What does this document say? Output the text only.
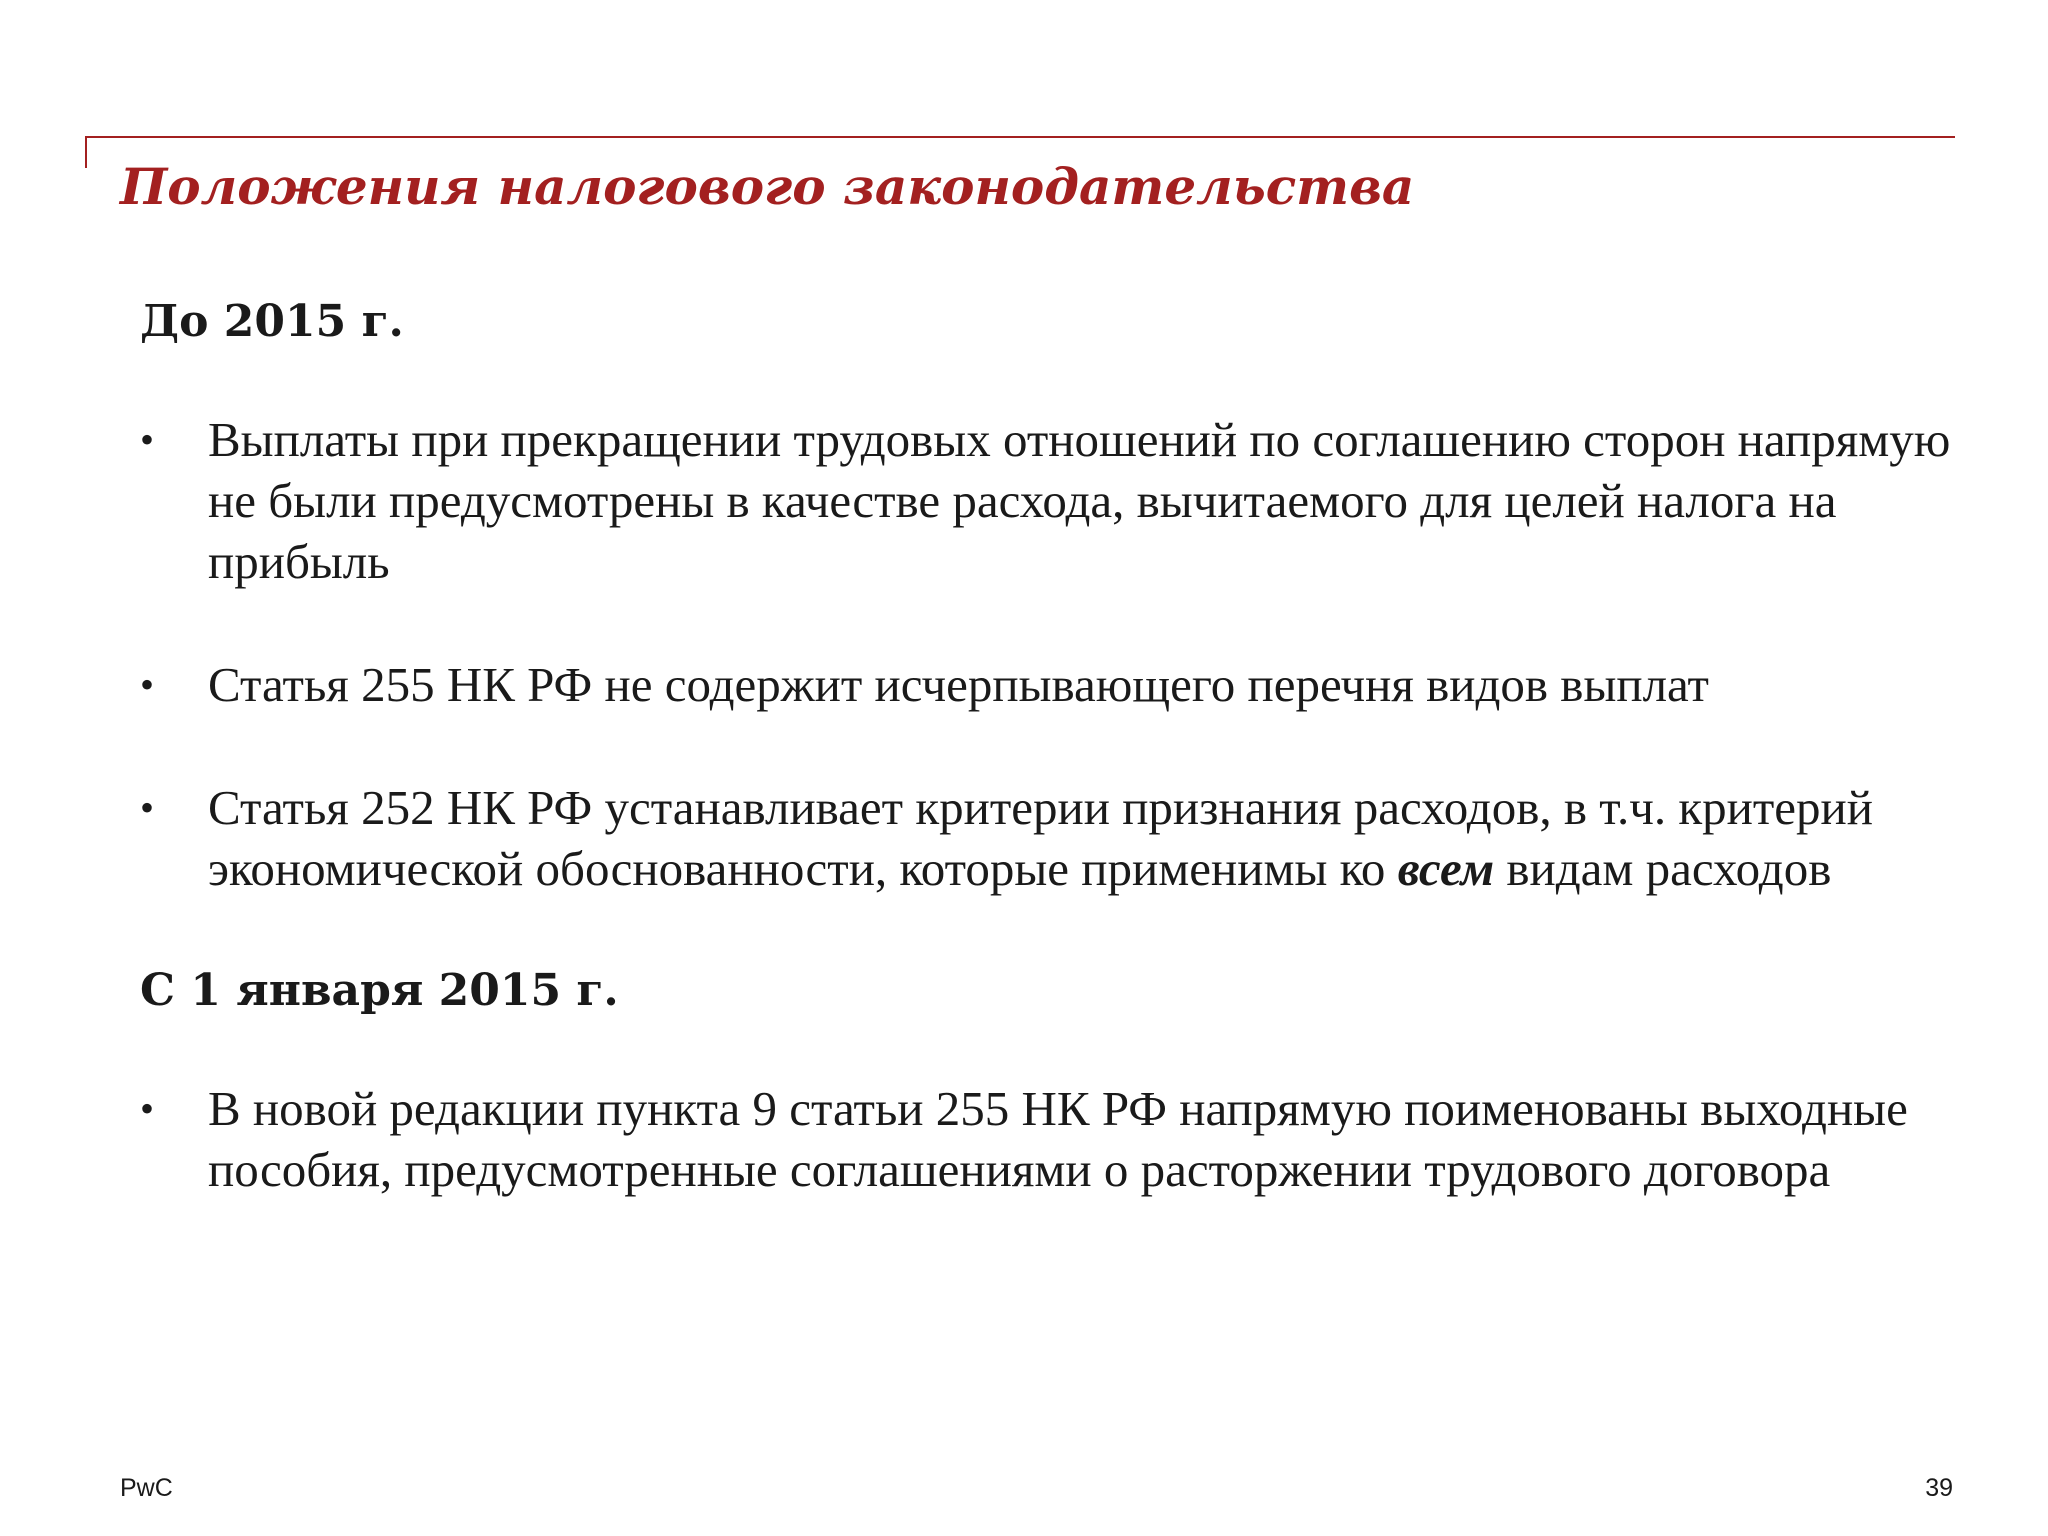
Положения налогового законодательства
До 2015 г.
• Выплаты при прекращении трудовых отношений по соглашению сторон напрямую не были предусмотрены в качестве расхода, вычитаемого для целей налога на прибыль
• Статья 255 НК РФ не содержит исчерпывающего перечня видов выплат
• Статья 252 НК РФ устанавливает критерии признания расходов, в т.ч. критерий экономической обоснованности, которые применимы ко всем видам расходов
С 1 января 2015 г.
• В новой редакции пункта 9 статьи 255 НК РФ напрямую поименованы выходные пособия, предусмотренные соглашениями о расторжении трудового договора
PwC	39
